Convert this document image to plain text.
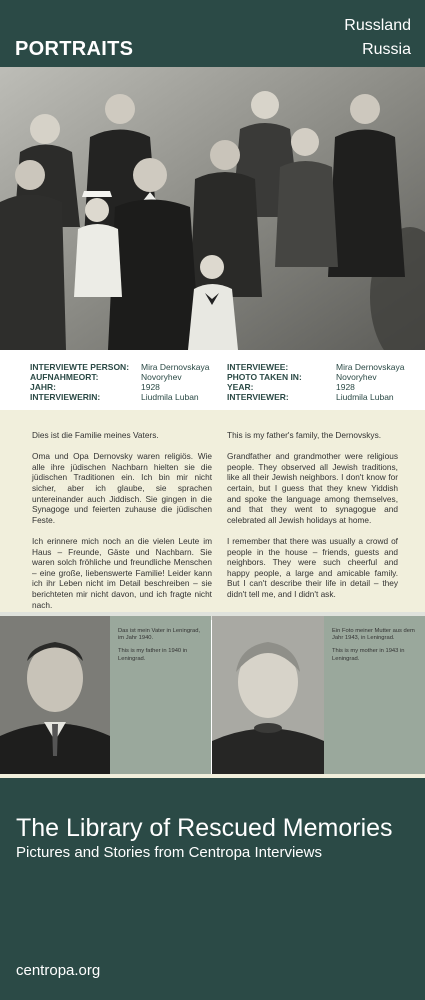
PORTRAITS
Russland
Russia
INTERVIEWTE PERSON: Mira Dernovskaya
AUFNAHMEORT:	Novoryhev
JAHR:	1928
INTERVIEWERIN:	Liudmila Luban
INTERVIEWEE:	Mira Dernovskaya
PHOTO TAKEN IN:	Novoryhev
YEAR:	1928
INTERVIEWER:	Liudmila Luban

Dies ist die Familie meines Vaters.

Oma und Opa Dernovsky waren religiös. Wie alle ihre jüdischen Nachbarn hielten sie die jüdischen Traditionen ein. Ich bin mir nicht sicher, aber ich glaube, sie sprachen untereinander auch Jiddisch. Sie gingen in die Synagoge und feierten zuhause die jüdischen Feste.

Ich erinnere mich noch an die vielen Leute im Haus – Freunde, Gäste und Nachbarn. Sie waren solch fröhliche und freundliche Menschen – eine große, liebenswerte Familie! Leider kann ich ihr Leben nicht im Detail beschreiben – sie berichteten mir nicht davon, und ich fragte nicht nach.

This is my father's family, the Dernovskys.

Grandfather and grandmother were religious people. They observed all Jewish traditions, like all their Jewish neighbors. I don't know for certain, but I guess that they knew Yiddish and spoke the language among themselves, and that they went to synagogue and celebrated all Jewish holidays at home.

I remember that there was usually a crowd of people in the house – friends, guests and neighbors. They were such cheerful and happy people, a large and amicable family. But I can't describe their life in detail – they didn't tell me, and I didn't ask.

Das ist mein Vater in Leningrad, im Jahr 1940.

This is my father in 1940 in Leningrad.

Ein Foto meiner Mutter aus dem Jahr 1943, in Leningrad.

This is my mother in 1943 in Leningrad.

The Library of Rescued Memories
Pictures and Stories from Centropa Interviews
centropa.org
